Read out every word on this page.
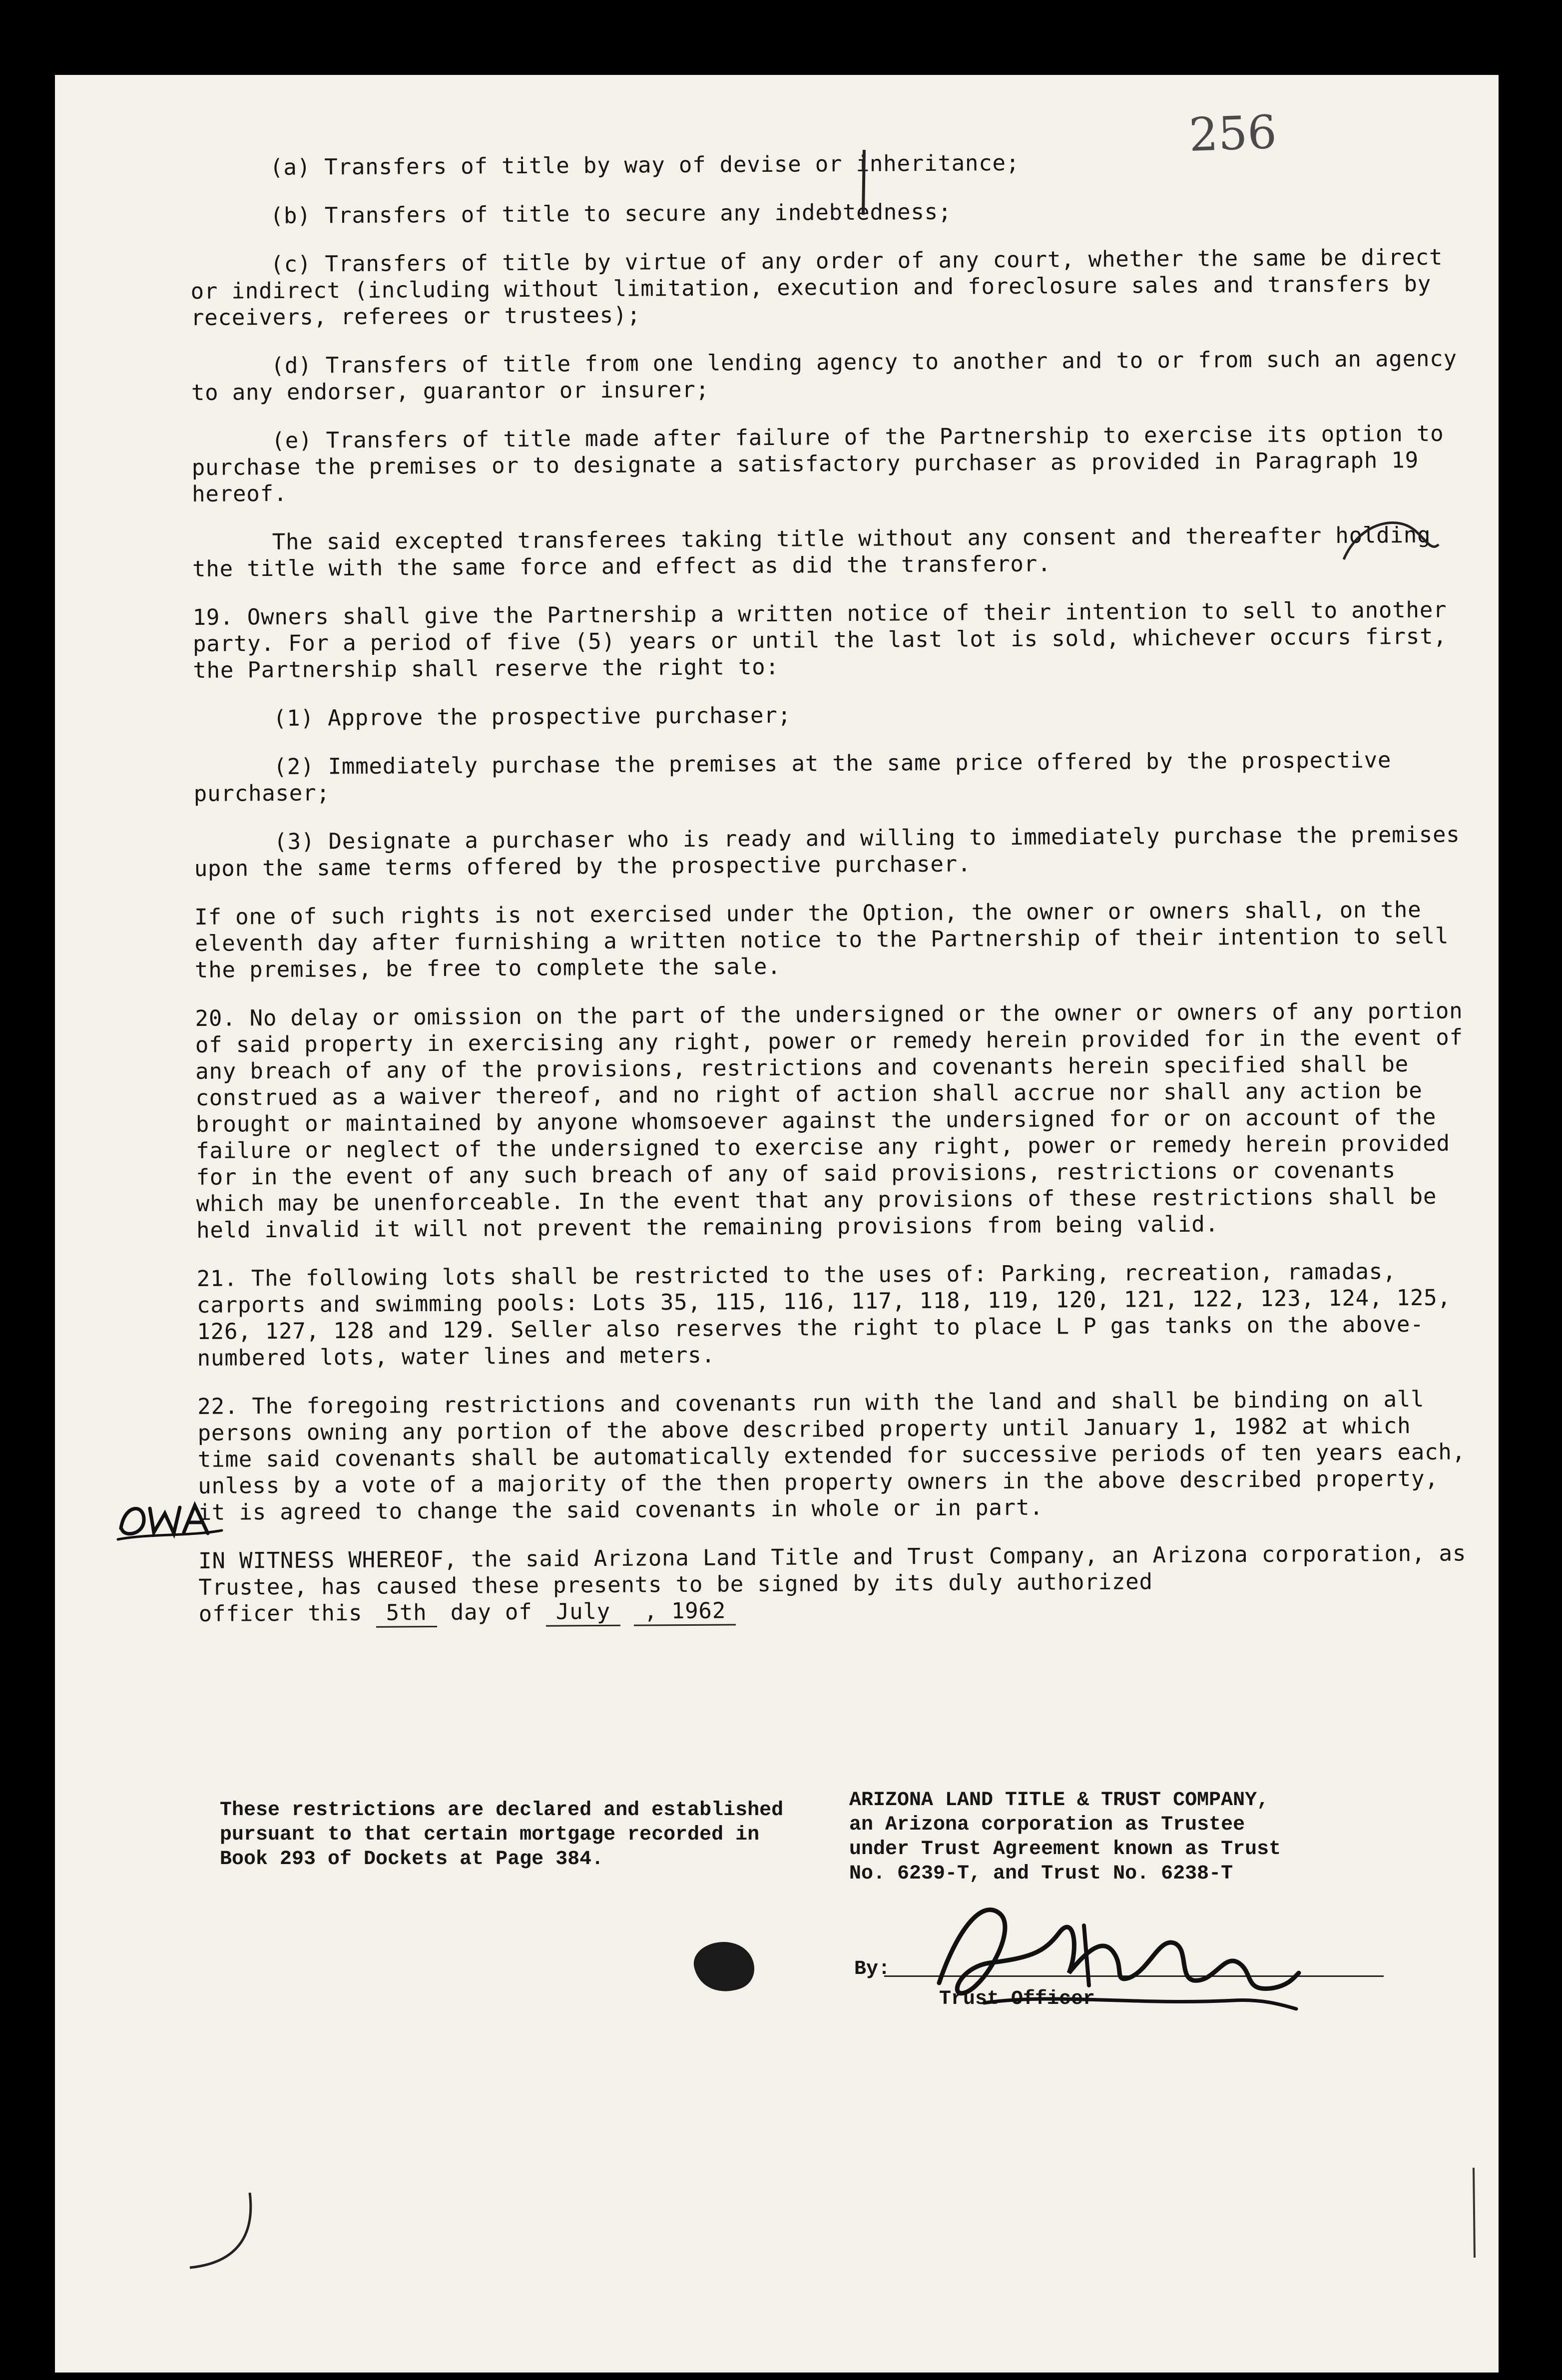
256

(a) Transfers of title by way of devise or inheritance;

(b) Transfers of title to secure any indebtedness;

(c) Transfers of title by virtue of any order of any court, whether the same be direct or indirect (including without limitation, execution and foreclosure sales and transfers by receivers, referees or trustees);

(d) Transfers of title from one lending agency to another and to or from such an agency to any endorser, guarantor or insurer;

(e) Transfers of title made after failure of the Partnership to exercise its option to purchase the premises or to designate a satisfactory purchaser as provided in Paragraph 19 hereof.

The said excepted transferees taking title without any consent and thereafter holding the title with the same force and effect as did the transferor.

19. Owners shall give the Partnership a written notice of their intention to sell to another party. For a period of five (5) years or until the last lot is sold, whichever occurs first, the Partnership shall reserve the right to:

(1) Approve the prospective purchaser;

(2) Immediately purchase the premises at the same price offered by the prospective purchaser;

(3) Designate a purchaser who is ready and willing to immediately purchase the premises upon the same terms offered by the prospective purchaser.

If one of such rights is not exercised under the Option, the owner or owners shall, on the eleventh day after furnishing a written notice to the Partnership of their intention to sell the premises, be free to complete the sale.

20. No delay or omission on the part of the undersigned or the owner or owners of any portion of said property in exercising any right, power or remedy herein provided for in the event of any breach of any of the provisions, restrictions and covenants herein specified shall be construed as a waiver thereof, and no right of action shall accrue nor shall any action be brought or maintained by anyone whomsoever against the undersigned for or on account of the failure or neglect of the undersigned to exercise any right, power or remedy herein provided for in the event of any such breach of any of said provisions, restrictions or covenants which may be unenforceable. In the event that any provisions of these restrictions shall be held invalid it will not prevent the remaining provisions from being valid.

21. The following lots shall be restricted to the uses of: Parking, recreation, ramadas, carports and swimming pools: Lots 35, 115, 116, 117, 118, 119, 120, 121, 122, 123, 124, 125, 126, 127, 128 and 129. Seller also reserves the right to place L P gas tanks on the above-numbered lots, water lines and meters.

22. The foregoing restrictions and covenants run with the land and shall be binding on all persons owning any portion of the above described property until January 1, 1982 at which time said covenants shall be automatically extended for successive periods of ten years each, unless by a vote of a majority of the then property owners in the above described property, it is agreed to change the said covenants in whole or in part.

IN WITNESS WHEREOF, the said Arizona Land Title and Trust Company, an Arizona corporation, as Trustee, has caused these presents to be signed by its duly authorized

officer this 5th day of July , 1962

These restrictions are declared and established pursuant to that certain mortgage recorded in Book 293 of Dockets at Page 384.
ARIZONA LAND TITLE & TRUST COMPANY,
an Arizona corporation as Trustee
under Trust Agreement known as Trust
No. 6239-T, and Trust No. 6238-T
By:
Trust Officer
